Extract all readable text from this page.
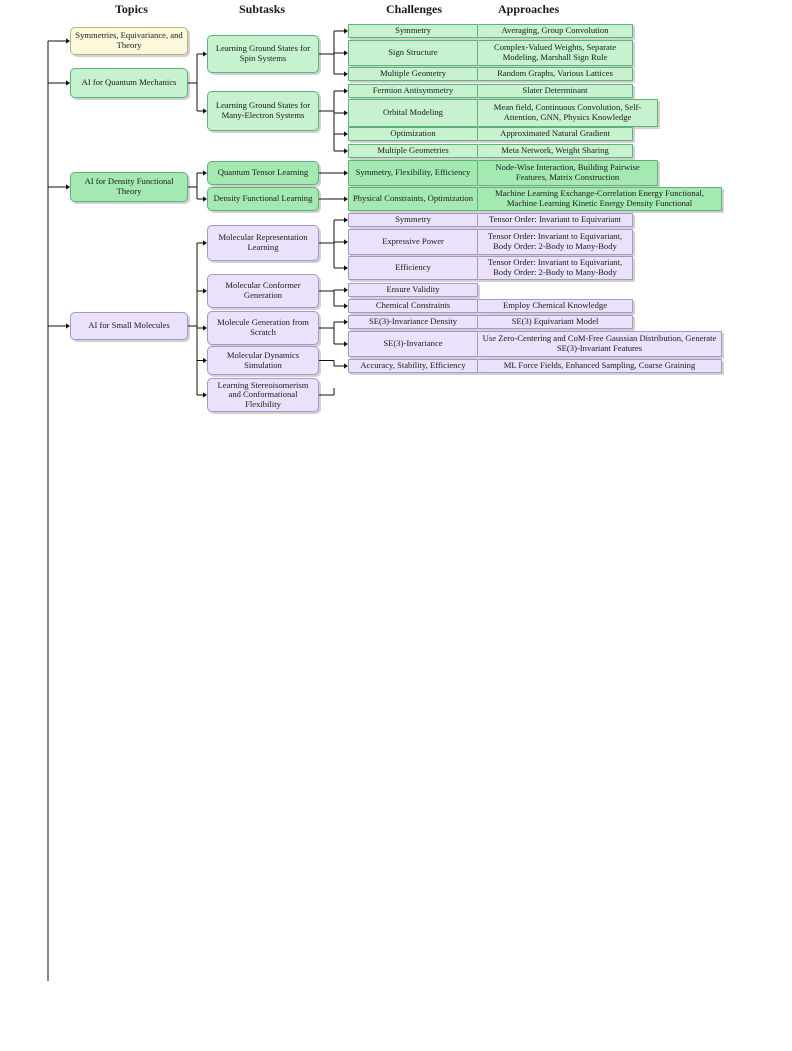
Topics	Subtasks	Challenges	Approaches
Symmetries, Equivariance, and Theory
AI for Quantum Mechanics
Learning Ground States for Spin Systems
Symmetry	Averaging, Group Convolution
Sign Structure	Complex-Valued Weights, Separate Modeling, Marshall Sign Rule
Multiple Geometry	Random Graphs, Various Lattices
Learning Ground States for Many-Electron Systems
Fermion Antisymmetry	Slater Determinant
Orbital Modeling	Mean field, Continuous Convolution, Self-Attention, GNN, Physics Knowledge
Optimization	Approximated Natural Gradient
Multiple Geometries	Meta Network, Weight Sharing
AI for Density Functional Theory
Quantum Tensor Learning	Symmetry, Flexibility, Efficiency	Node-Wise Interaction, Building Pairwise Features, Matrix Construction
Density Functional Learning	Physical Constraints, Optimization	Machine Learning Exchange-Correlation Energy Functional, Machine Learning Kinetic Energy Density Functional
AI for Small Molecules
Molecular Representation Learning
Symmetry	Tensor Order: Invariant to Equivariant
Expressive Power	Tensor Order: Invariant to Equivariant, Body Order: 2-Body to Many-Body
Efficiency	Tensor Order: Invariant to Equivariant, Body Order: 2-Body to Many-Body
Molecular Conformer Generation
Ensure Validity
Chemical Constraints	Employ Chemical Knowledge
Molecule Generation from Scratch
SE(3)-Invariance Density	SE(3) Equivariant Model
SE(3)-Invariance	Use Zero-Centering and CoM-Free Gaussian Distribution, Generate SE(3)-Invariant Features
Molecular Dynamics Simulation	Accuracy, Stability, Efficiency	ML Force Fields, Enhanced Sampling, Coarse Graining
Learning Stereoisomerism and Conformational Flexibility
